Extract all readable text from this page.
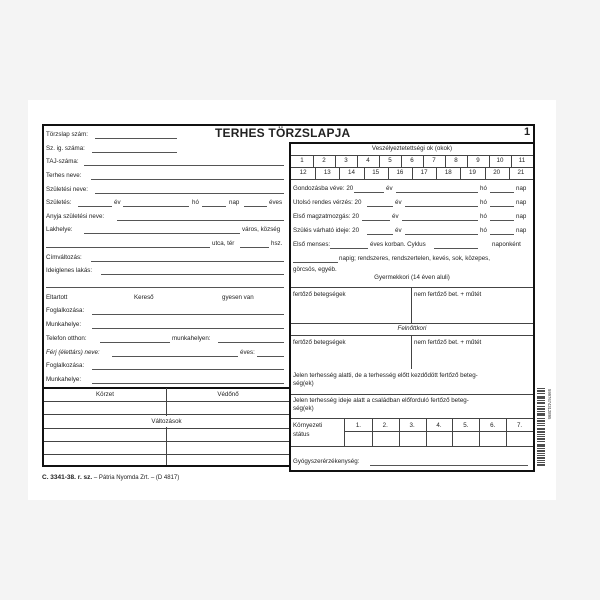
TERHES TÖRZSLAPJA	1
Törzslap szám:
Sz. ig. száma:
TAJ-száma:
Terhes neve:
Születési neve:
Születés:	év	hó	nap	éves
Anyja születési neve:
Lakhelye:	város, község
utca, tér	hsz.
Címváltozás:
Ideiglenes lakás:
Eltartott	Kereső	gyesen van
Foglalkozása:
Munkahelye:
Telefon otthon:	munkahelyen:
Férj (élettárs) neve:	éves:
Foglalkozása:
Munkahelye:
Körzet	Védőnő
Változások
Veszélyeztetettségi ok (okok)
1	2	3	4	5	6	7	8	9	10	11
12	13	14	15	16	17	18	19	20	21
Gondozásba véve: 20	év	hó	nap
Utolsó rendes vérzés: 20	év	hó	nap
Első magzatmozgás: 20	év	hó	nap
Szülés várható ideje: 20	év	hó	nap
Első menses:	éves korban. Cyklus	naponként
napig; rendszeres, rendszertelen, kevés, sok, közepes,
görcsös, egyéb.
Gyermekkori (14 éven aluli)
fertőző betegségek	nem fertőző bet. + műtét
Felnőttkori
fertőző betegségek	nem fertőző bet. + műtét
Jelen terhesség alatti, de a terhesség előtt kezdődött fertőző beteg-
ség(ek)
Jelen terhesség ideje alatt a családban előforduló fertőző beteg-
ség(ek)
Környezeti
státus
1.	2.	3.	4.	5.	6.	7.
Gyógyszerérzékenység:
5997674312895
C. 3341-38. r. sz. – Pátria Nyomda Zrt. – (D 4817)
